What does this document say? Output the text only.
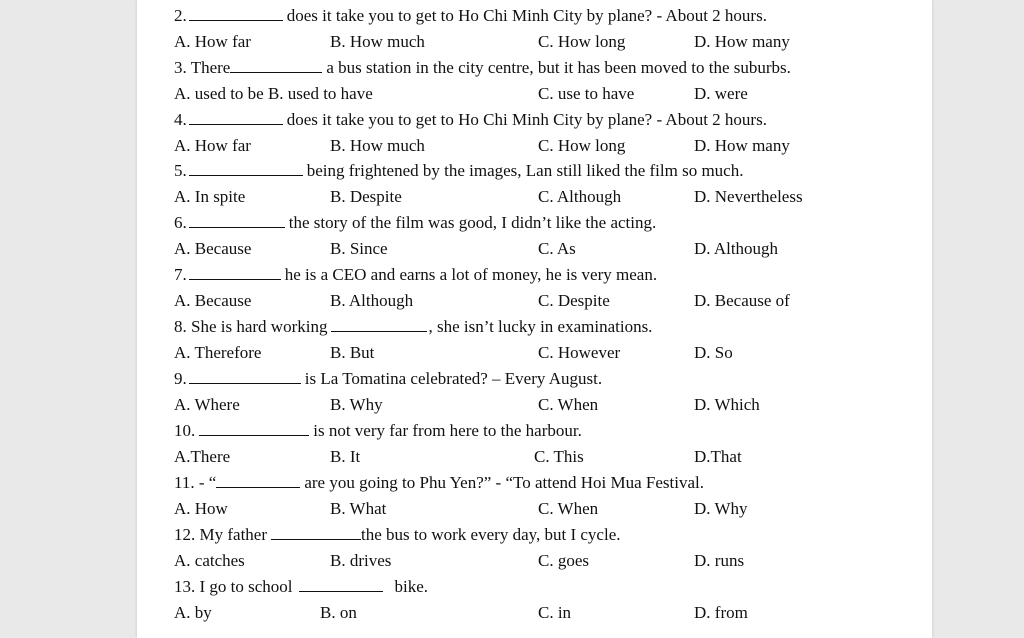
2.	does it take you to get to Ho Chi Minh City by plane? - About 2 hours.
A. How far	B. How much	C. How long	D. How many
3. There	a bus station in the city centre, but it has been moved to the suburbs.
A. used to be B. used to have	C. use to have	D. were
4.	does it take you to get to Ho Chi Minh City by plane? - About 2 hours.
A. How far	B. How much	C. How long	D. How many
5.	being frightened by the images, Lan still liked the film so much.
A. In spite	B. Despite	C. Although	D. Nevertheless
6.	the story of the film was good, I didn’t like the acting.
A. Because	B. Since	C. As	D. Although
7.	he is a CEO and earns a lot of money, he is very mean.
A. Because	B. Although	C. Despite	D. Because of
8. She is hard working	, she isn’t lucky in examinations.
A. Therefore	B. But	C. However	D. So
9.	is La Tomatina celebrated? – Every August.
A. Where	B. Why	C. When	D. Which
10.	is not very far from here to the harbour.
A.There	B. It	C. This	D.That
11. - “	are you going to Phu Yen?” - “To attend Hoi Mua Festival.
A. How	B. What	C. When	D. Why
12. My father	the bus to work every day, but I cycle.
A. catches	B. drives	C. goes	D. runs
13. I go to school	bike.
A. by	B. on	C. in	D. from
